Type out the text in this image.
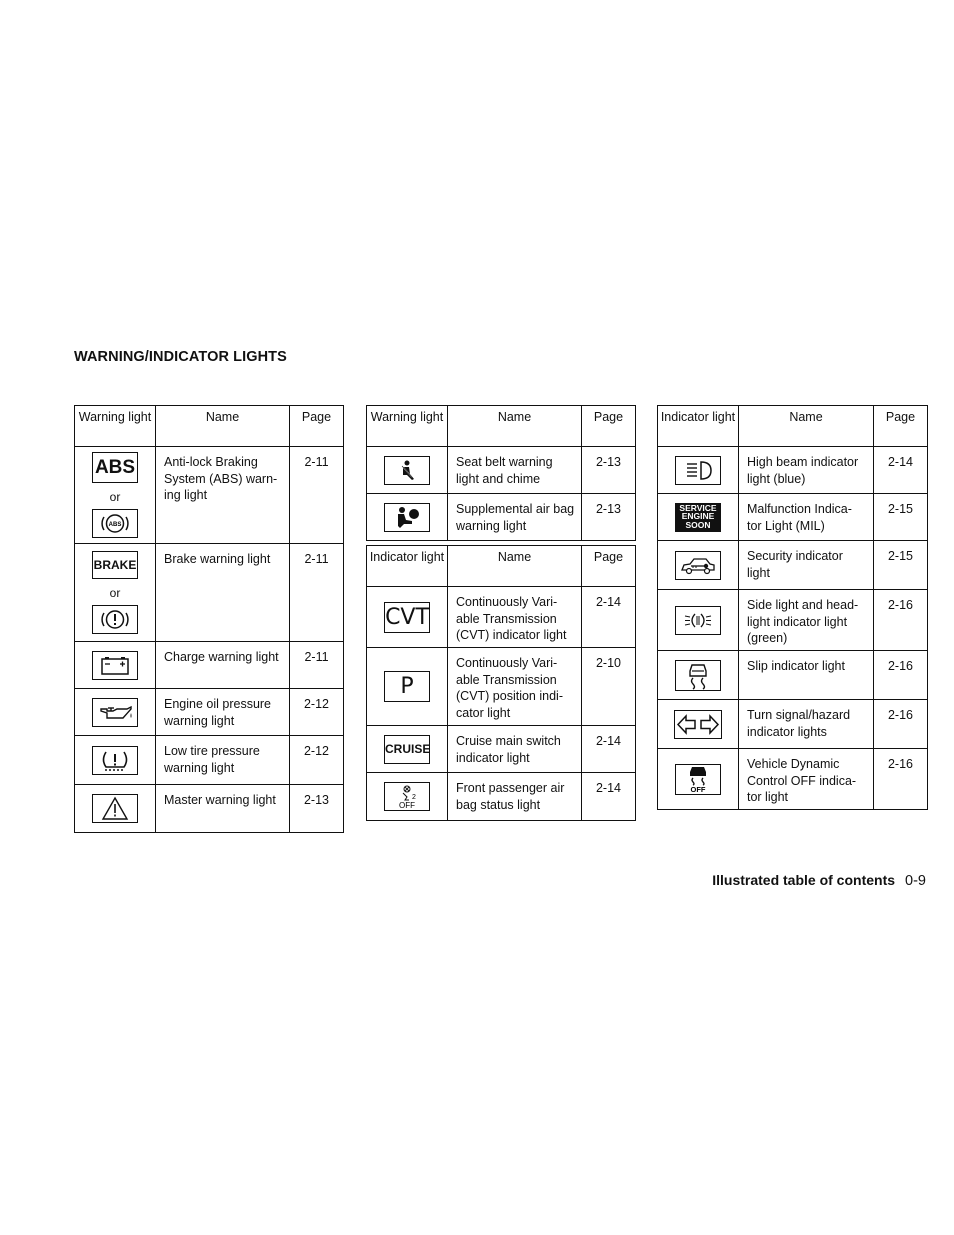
WARNING/INDICATOR LIGHTS
Warning light	Name	Page
ABS
or
ABS	Anti-lock Braking System (ABS) warn- ing light	2-11
BRAKE
or	Brake warning light	2-11

	Charge warning light	2-11

	Engine oil pressure warning light	2-12

	Low tire pressure warning light	2-12

	Master warning light	2-13
Warning light	Name	Page

	Seat belt warning light and chime	2-13

	Supplemental air bag warning light	2-13
Indicator light	Name	Page
CVT	Continuously Vari- able Transmission (CVT) indicator light	2-14
P	Continuously Vari- able Transmission (CVT) position indi- cator light	2-10
CRUISE	Cruise main switch indicator light	2-14

2
OFF	Front passenger air bag status light	2-14
Indicator light	Name	Page

	High beam indicator light (blue)	2-14
SERVICE
ENGINE
SOON	Malfunction Indica- tor Light (MIL)	2-15

	Security indicator light	2-15

	Side light and head- light indicator light (green)	2-16

	Slip indicator light	2-16

	Turn signal/hazard indicator lights	2-16

OFF	Vehicle Dynamic Control OFF indica- tor light	2-16
Illustrated table of contents 0-9
